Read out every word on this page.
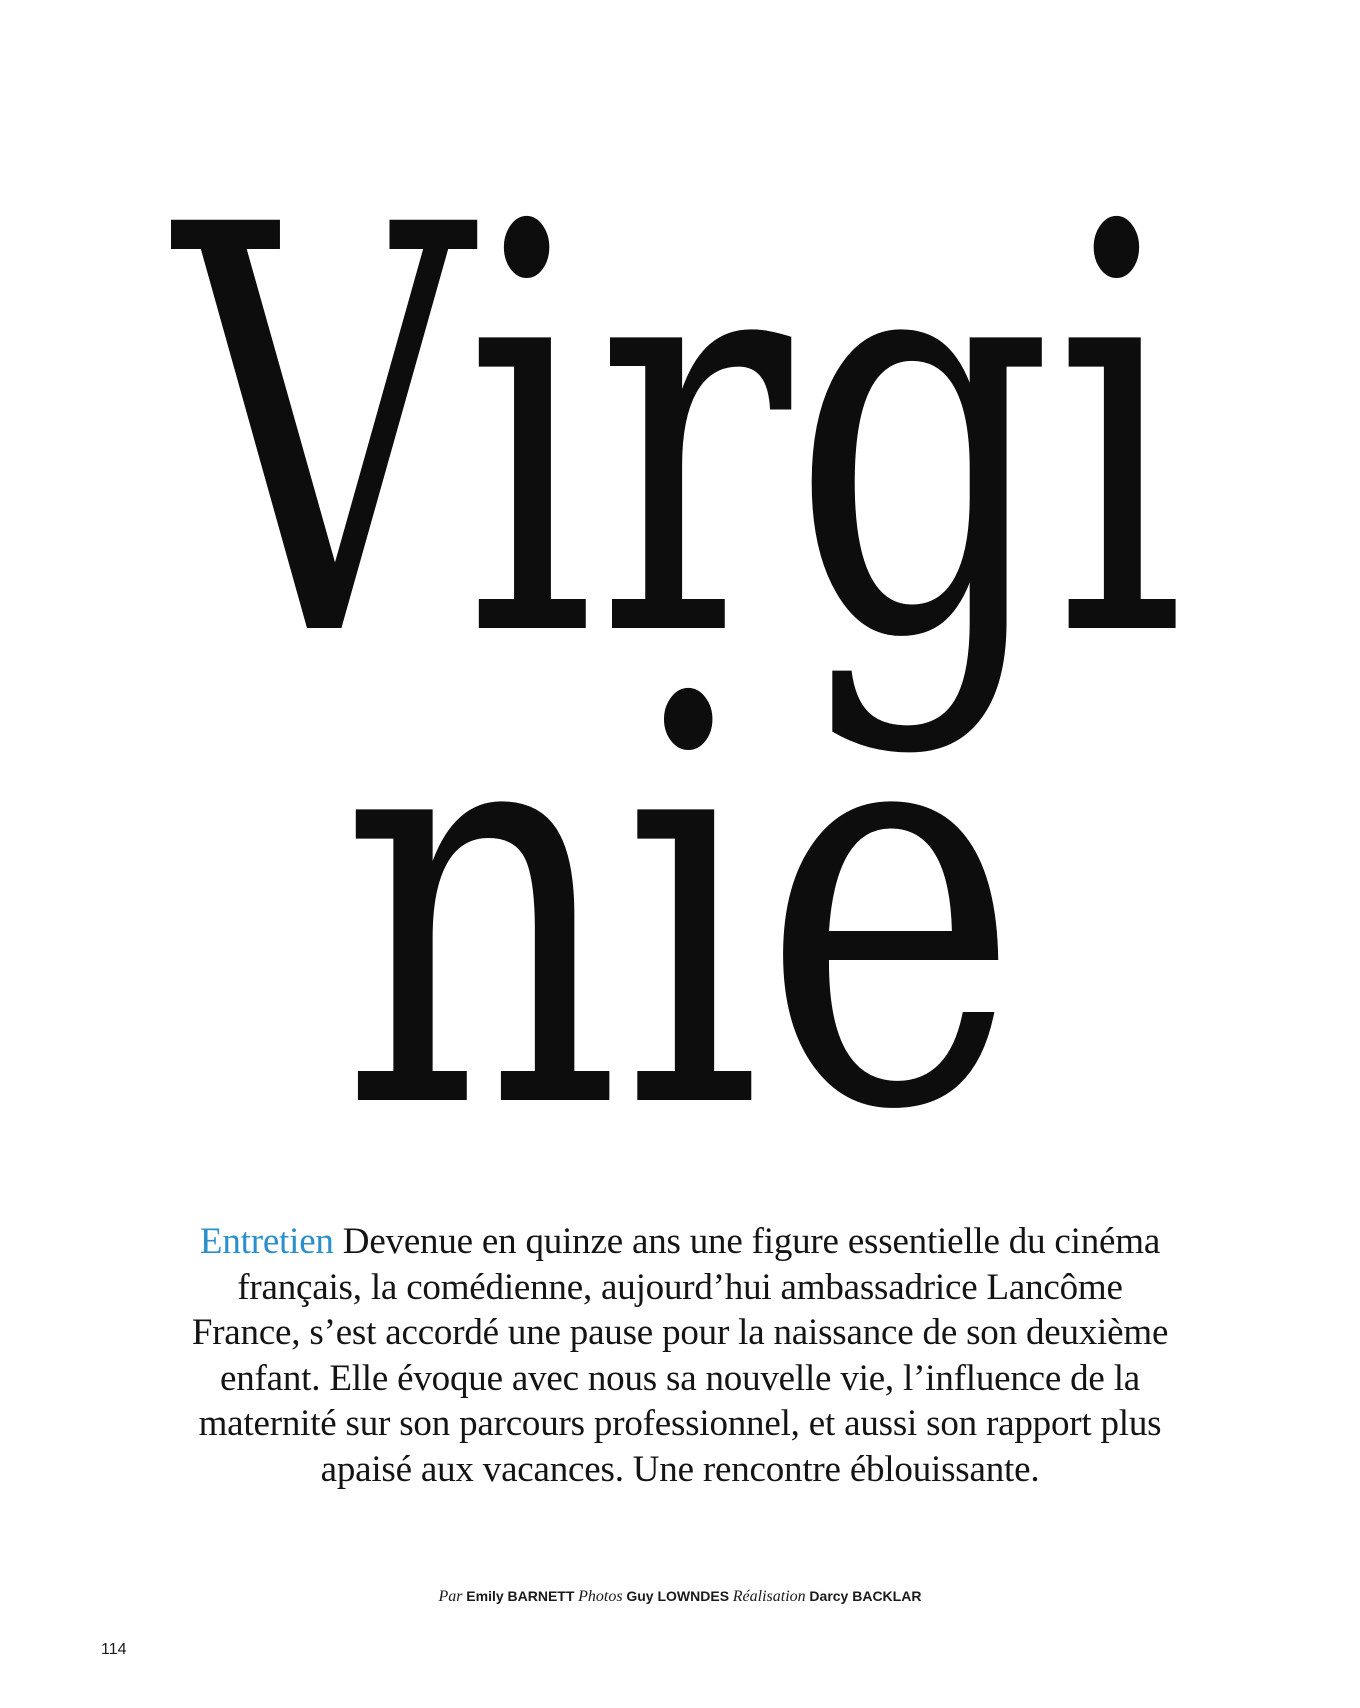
Virgi
nie

Entretien Devenue en quinze ans une figure essentielle du cinéma français, la comédienne, aujourd’hui ambassadrice Lancôme France, s’est accordé une pause pour la naissance de son deuxième enfant. Elle évoque avec nous sa nouvelle vie, l’influence de la maternité sur son parcours professionnel, et aussi son rapport plus apaisé aux vacances. Une rencontre éblouissante.

Par Emily BARNETT Photos Guy LOWNDES Réalisation Darcy BACKLAR
114
